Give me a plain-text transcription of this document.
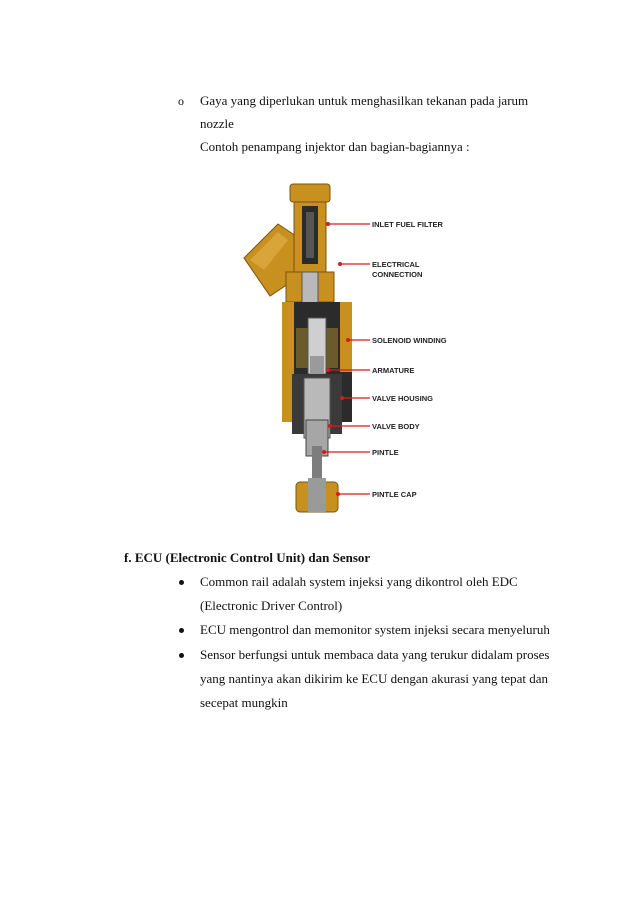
o Gaya yang diperlukan untuk menghasilkan tekanan pada jarum
nozzle
Contoh penampang injektor dan bagian-bagiannya :
INLET FUEL FILTER
ELECTRICAL
CONNECTION
SOLENOID WINDING
ARMATURE
VALVE HOUSING
VALVE BODY
PINTLE
PINTLE CAP
f. ECU (Electronic Control Unit) dan Sensor
Common rail adalah system injeksi yang dikontrol oleh EDC
(Electronic Driver Control)
ECU mengontrol dan memonitor system injeksi secara menyeluruh
Sensor berfungsi untuk membaca data yang terukur didalam proses
yang nantinya akan dikirim ke ECU dengan akurasi yang tepat dan
secepat mungkin
